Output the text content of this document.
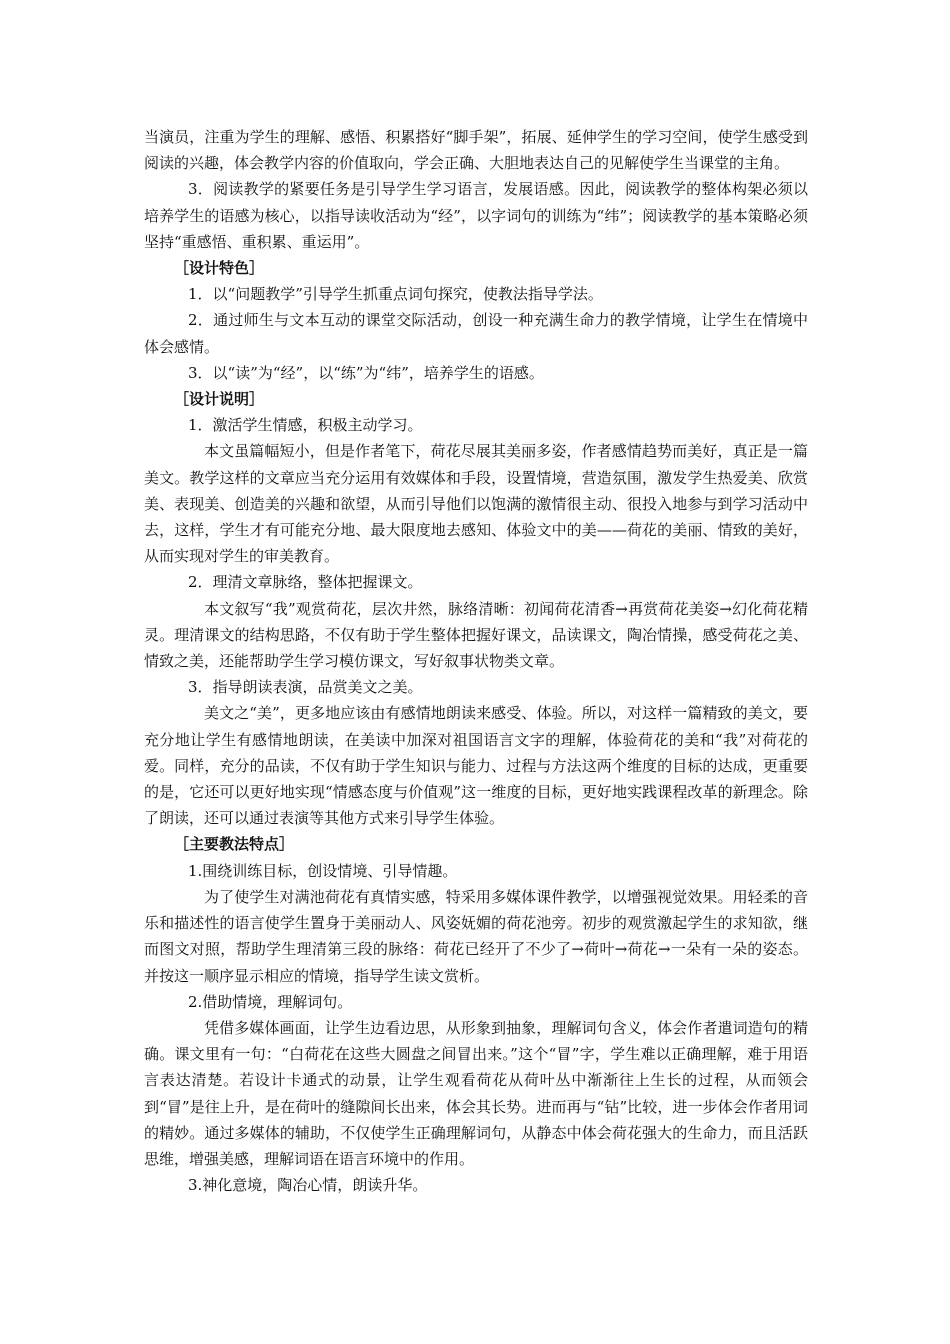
当演员，注重为学生的理解、感悟、积累搭好“脚手架”，拓展、延伸学生的学习空间，使学生感受到阅读的兴趣，体会教学内容的价值取向，学会正确、大胆地表达自己的见解使学生当课堂的主角。

3．阅读教学的紧要任务是引导学生学习语言，发展语感。因此，阅读教学的整体构架必须以培养学生的语感为核心，以指导读收活动为“经”，以字词句的训练为“纬”；阅读教学的基本策略必须坚持“重感悟、重积累、重运用”。

［设计特色］

1．以“问题教学”引导学生抓重点词句探究，使教法指导学法。

2．通过师生与文本互动的课堂交际活动，创设一种充满生命力的教学情境，让学生在情境中体会感情。

3．以“读”为“经”，以“练”为“纬”，培养学生的语感。

［设计说明］

1．激活学生情感，积极主动学习。

本文虽篇幅短小，但是作者笔下，荷花尽展其美丽多姿，作者感情趋势而美好，真正是一篇美文。教学这样的文章应当充分运用有效媒体和手段，设置情境，营造氛围，激发学生热爱美、欣赏美、表现美、创造美的兴趣和欲望，从而引导他们以饱满的激情很主动、很投入地参与到学习活动中去，这样，学生才有可能充分地、最大限度地去感知、体验文中的美——荷花的美丽、情致的美好，从而实现对学生的审美教育。

2．理清文章脉络，整体把握课文。

本文叙写“我”观赏荷花，层次井然，脉络清晰：初闻荷花清香→再赏荷花美姿→幻化荷花精灵。理清课文的结构思路，不仅有助于学生整体把握好课文，品读课文，陶冶情操，感受荷花之美、情致之美，还能帮助学生学习模仿课文，写好叙事状物类文章。

3．指导朗读表演，品赏美文之美。

美文之“美”，更多地应该由有感情地朗读来感受、体验。所以，对这样一篇精致的美文，要充分地让学生有感情地朗读，在美读中加深对祖国语言文字的理解，体验荷花的美和“我”对荷花的爱。同样，充分的品读，不仅有助于学生知识与能力、过程与方法这两个维度的目标的达成，更重要的是，它还可以更好地实现“情感态度与价值观”这一维度的目标，更好地实践课程改革的新理念。除了朗读，还可以通过表演等其他方式来引导学生体验。

［主要教法特点］

1.围绕训练目标，创设情境、引导情趣。

为了使学生对满池荷花有真情实感，特采用多媒体课件教学，以增强视觉效果。用轻柔的音乐和描述性的语言使学生置身于美丽动人、风姿妩媚的荷花池旁。初步的观赏激起学生的求知欲，继而图文对照，帮助学生理清第三段的脉络：荷花已经开了不少了→荷叶→荷花→一朵有一朵的姿态。并按这一顺序显示相应的情境，指导学生读文赏析。

2.借助情境，理解词句。

凭借多媒体画面，让学生边看边思，从形象到抽象，理解词句含义，体会作者遣词造句的精确。课文里有一句：“白荷花在这些大圆盘之间冒出来。”这个“冒”字，学生难以正确理解，难于用语言表达清楚。若设计卡通式的动景，让学生观看荷花从荷叶丛中渐渐往上生长的过程，从而领会到“冒”是往上升，是在荷叶的缝隙间长出来，体会其长势。进而再与“钻”比较，进一步体会作者用词的精妙。通过多媒体的辅助，不仅使学生正确理解词句，从静态中体会荷花强大的生命力，而且活跃思维，增强美感，理解词语在语言环境中的作用。

3.神化意境，陶冶心情，朗读升华。
